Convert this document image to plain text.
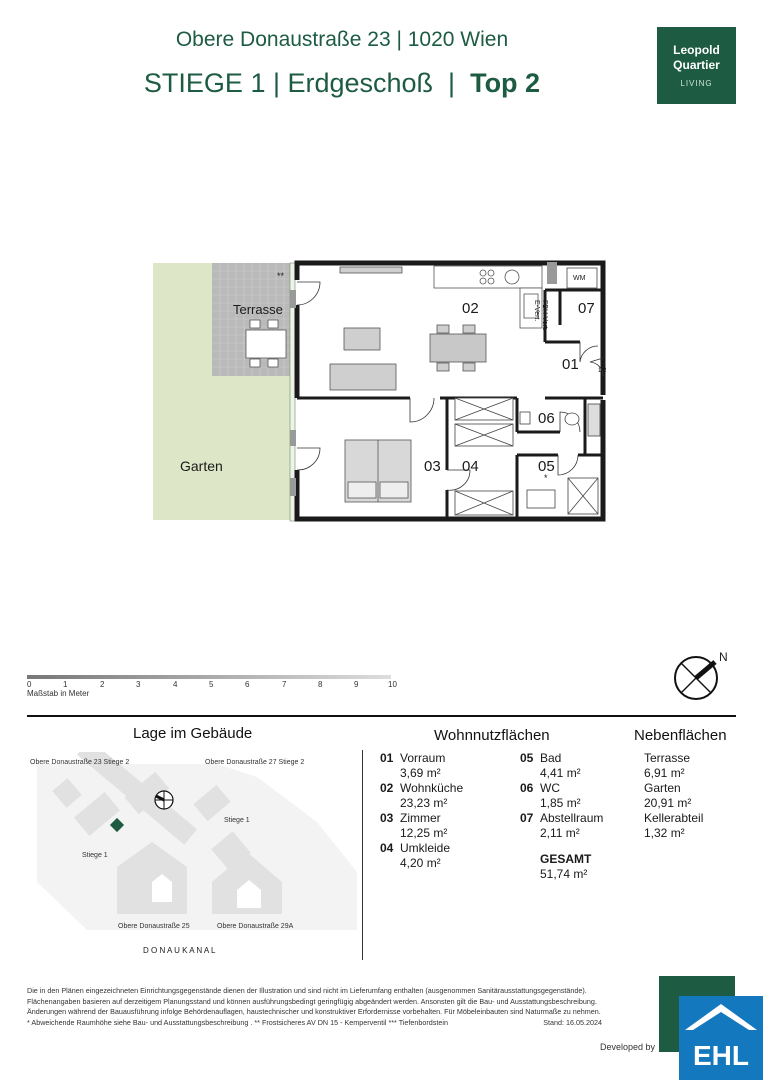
Obere Donaustraße 23 | 1020 Wien
STIEGE 1 | Erdgeschoß  |  Top 2
Leopold
Quartier
LIVING
Terrasse
Garten
**
02	07
01
06
03 04	05
*
WM
FBH-Vert.
E-Vert.
1/2
0	1	2	3	4	5	6	7	8	9	10
Maßstab in Meter
N
Lage im Gebäude
Obere Donaustraße 23 Stiege 2	Obere Donaustraße 27 Stiege 2
Stiege 1
Stiege 1
Obere Donaustraße 25	Obere Donaustraße 29A
D O N A U K A N A L
Wohnnutzflächen
01 Vorraum
3,69 m²
02 Wohnküche
23,23 m²
03 Zimmer
12,25 m²
04 Umkleide
4,20 m²
05 Bad
4,41 m²
06 WC
1,85 m²
07 Abstellraum
2,11 m²
GESAMT
51,74 m²
Nebenflächen
Terrasse
6,91 m²
Garten
20,91 m²
Kellerabteil
1,32 m²
Die in den Plänen eingezeichneten Einrichtungsgegenstände dienen der Illustration und sind nicht im Lieferumfang enthalten (ausgenommen Sanitärausstattungsgegenstände).
Flächenangaben basieren auf derzeitigem Planungsstand und können ausführungsbedingt geringfügig abgeändert werden. Ansonsten gilt die Bau- und Ausstattungsbeschreibung.
Änderungen während der Bauausführung infolge Behördenauflagen, haustechnischer und konstruktiver Erfordernisse vorbehalten. Für Möbeleinbauten sind Naturmaße zu nehmen.
* Abweichende Raumhöhe siehe Bau- und Ausstattungsbeschreibung . ** Frostsicheres AV DN 15 - Kemperventil *** Tiefenbordstein	Stand: 16.05.2024
Developed by	EHL
